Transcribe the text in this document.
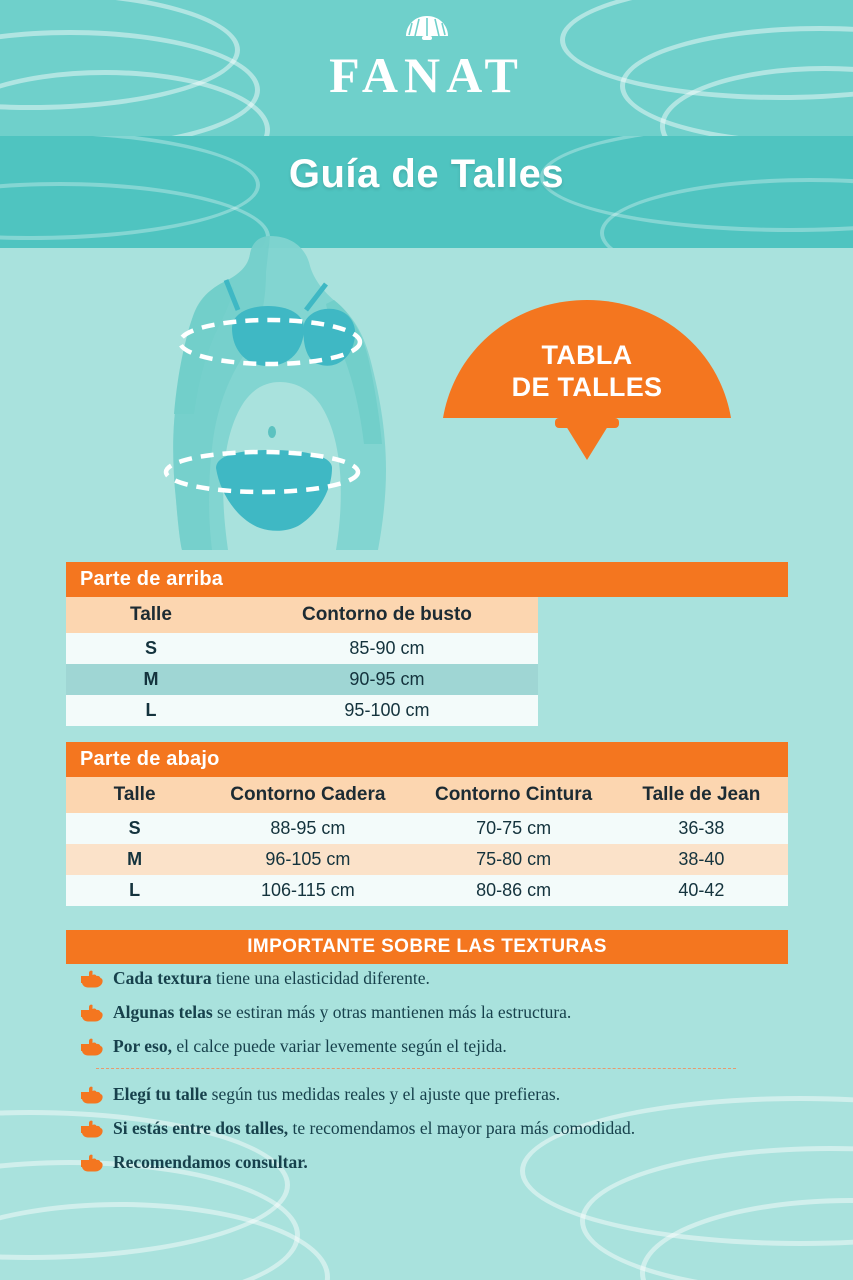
FANAT
Guía de Talles
TABLA
DE TALLES
Parte de arriba
Talle	Contorno de busto
S	85-90 cm
M	90-95 cm
L	95-100 cm
Parte de abajo
Talle	Contorno Cadera	Contorno Cintura	Talle de Jean
S	88-95 cm	70-75 cm	36-38
M	96-105 cm	75-80 cm	38-40
L	106-115 cm	80-86 cm	40-42
IMPORTANTE SOBRE LAS TEXTURAS
Cada textura tiene una elasticidad diferente.
Algunas telas se estiran más y otras mantienen más la estructura.
Por eso, el calce puede variar levemente según el tejida.
Elegí tu talle según tus medidas reales y el ajuste que prefieras.
Si estás entre dos talles, te recomendamos el mayor para más comodidad.
Recomendamos consultar.
